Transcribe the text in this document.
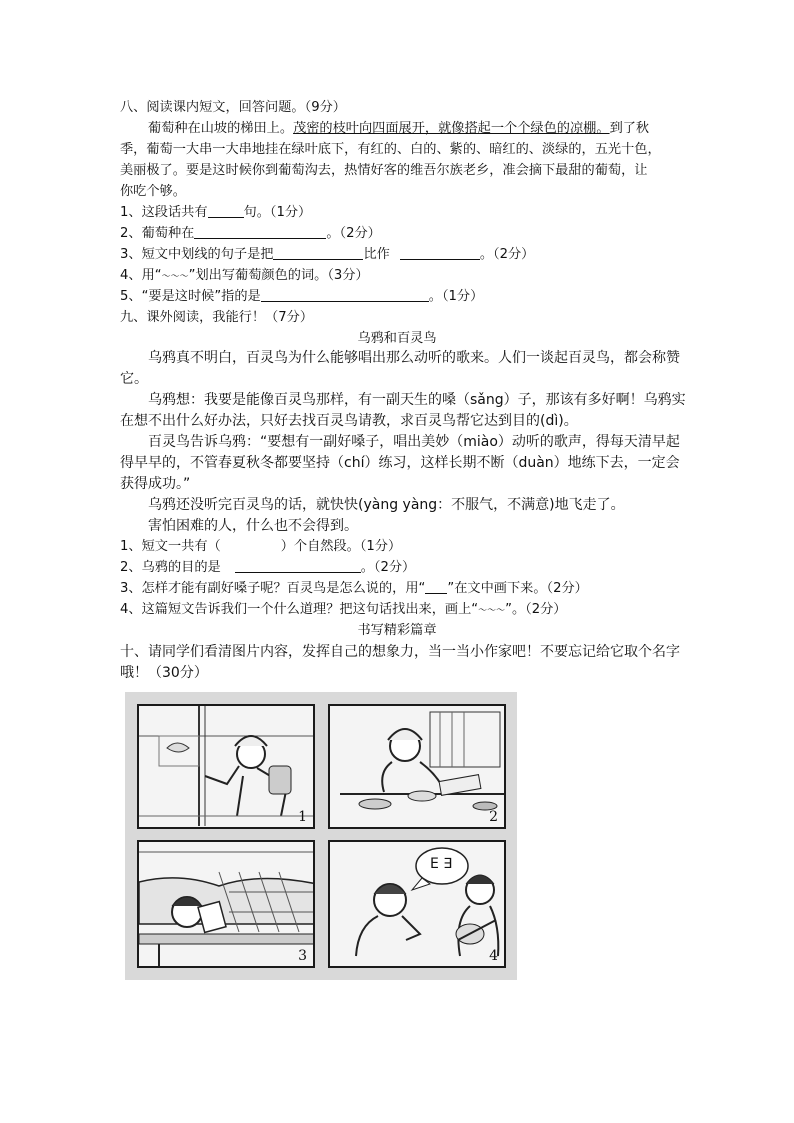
八、阅读课内短文，回答问题。（9分）
葡萄种在山坡的梯田上。茂密的枝叶向四面展开，就像搭起一个个绿色的凉棚。到了秋
季，葡萄一大串一大串地挂在绿叶底下，有红的、白的、紫的、暗红的、淡绿的，五光十色，
美丽极了。要是这时候你到葡萄沟去，热情好客的维吾尔族老乡，准会摘下最甜的葡萄，让
你吃个够。
1、这段话共有	句。（1分）
2、葡萄种在	。（2分）
3、短文中划线的句子是把	比作	。（2分）
4、用“～～～”划出写葡萄颜色的词。（3分）
5、“要是这时候”指的是	。（1分）
九、课外阅读，我能行！（7分）
乌鸦和百灵鸟
乌鸦真不明白，百灵鸟为什么能够唱出那么动听的歌来。人们一谈起百灵鸟，都会称赞
它。
乌鸦想：我要是能像百灵鸟那样，有一副天生的嗓（sǎng）子，那该有多好啊！乌鸦实
在想不出什么好办法，只好去找百灵鸟请教，求百灵鸟帮它达到目的(dì)。
百灵鸟告诉乌鸦：“要想有一副好嗓子，唱出美妙（miào）动听的歌声，得每天清早起
得早早的，不管春夏秋冬都要坚持（chí）练习，这样长期不断（duàn）地练下去，一定会
获得成功。”
乌鸦还没听完百灵鸟的话，就快快(yàng yàng：不服气，不满意)地飞走了。
害怕困难的人，什么也不会得到。
1、短文一共有（	）个自然段。（1分）
2、乌鸦的目的是	。（2分）
3、怎样才能有副好嗓子呢？百灵鸟是怎么说的，用“ ”在文中画下来。（2分）
4、这篇短文告诉我们一个什么道理？把这句话找出来，画上“～～～”。（2分）
书写精彩篇章
十、请同学们看清图片内容，发挥自己的想象力，当一当小作家吧！不要忘记给它取个名字
哦！（30分）
1	2
3
E ∃
4
